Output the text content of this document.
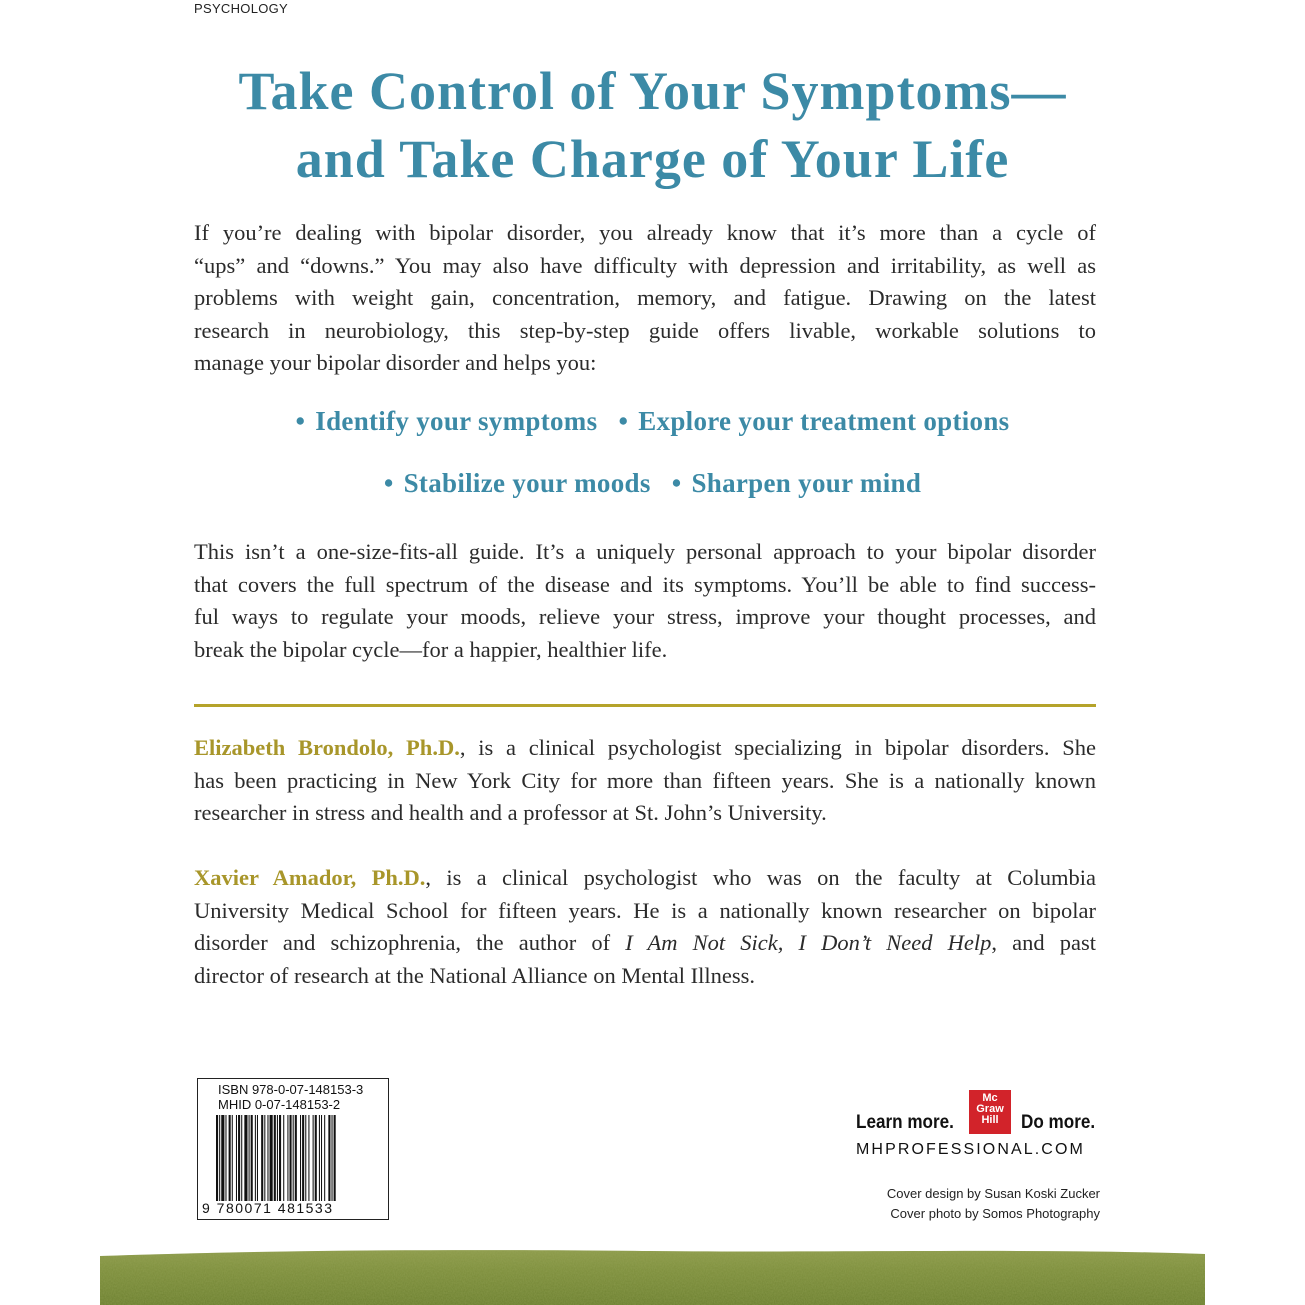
PSYCHOLOGY
Take Control of Your Symptoms—
and Take Charge of Your Life
If you’re dealing with bipolar disorder, you already know that it’s more than a cycle of
“ups” and “downs.” You may also have difficulty with depression and irritability, as well as
problems with weight gain, concentration, memory, and fatigue. Drawing on the latest
research in neurobiology, this step-by-step guide offers livable, workable solutions to
manage your bipolar disorder and helps you:
• Identify your symptoms • Explore your treatment options
• Stabilize your moods • Sharpen your mind
This isn’t a one-size-fits-all guide. It’s a uniquely personal approach to your bipolar disorder
that covers the full spectrum of the disease and its symptoms. You’ll be able to find success-
ful ways to regulate your moods, relieve your stress, improve your thought processes, and
break the bipolar cycle—for a happier, healthier life.
Elizabeth Brondolo, Ph.D., is a clinical psychologist specializing in bipolar disorders. She
has been practicing in New York City for more than fifteen years. She is a nationally known
researcher in stress and health and a professor at St. John’s University.
Xavier Amador, Ph.D., is a clinical psychologist who was on the faculty at Columbia
University Medical School for fifteen years. He is a nationally known researcher on bipolar
disorder and schizophrenia, the author of I Am Not Sick, I Don’t Need Help, and past
director of research at the National Alliance on Mental Illness.
ISBN 978-0-07-148153-3
MHID 0-07-148153-2
9 780071 481533
Learn more.
Mc
Graw
Hill	Do more.
MHPROFESSIONAL.COM
Cover design by Susan Koski Zucker
Cover photo by Somos Photography
